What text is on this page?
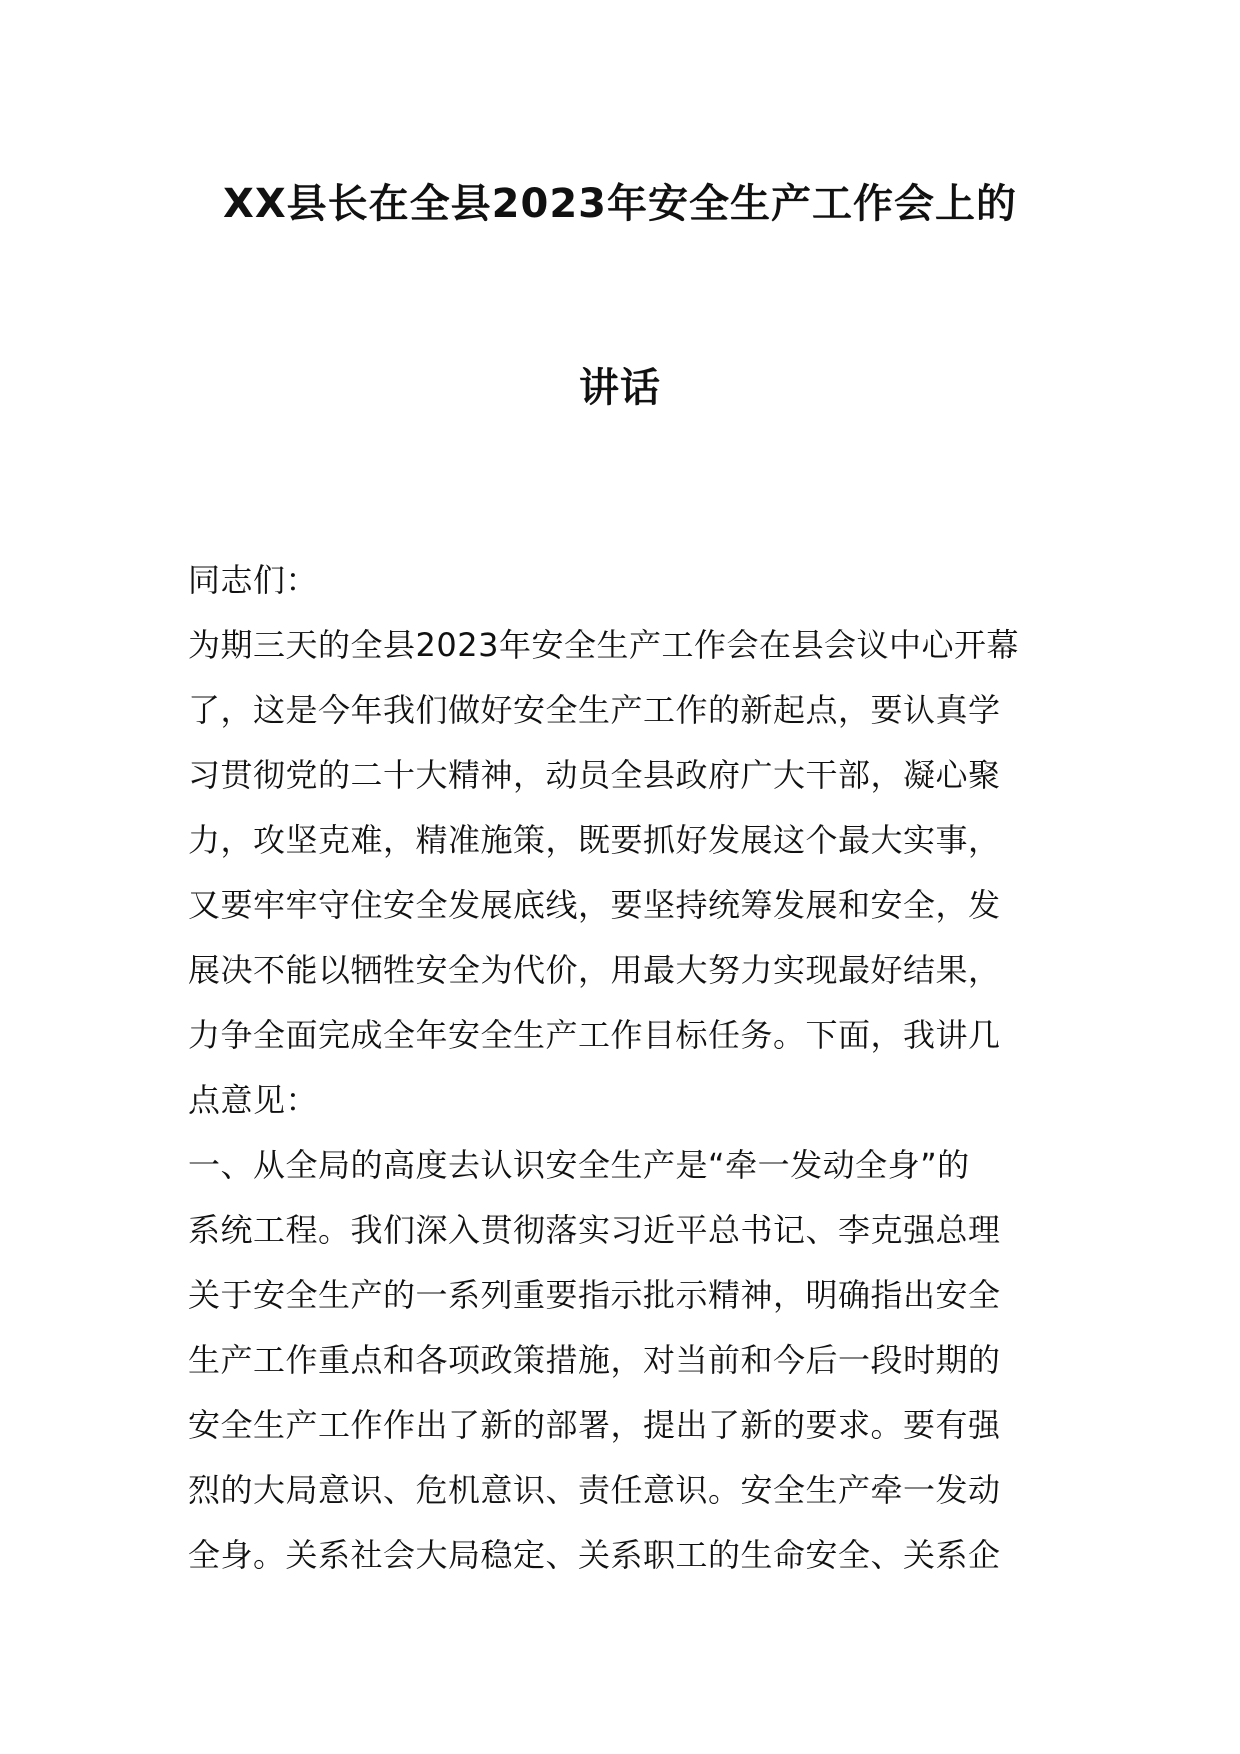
XX县长在全县2023年安全生产工作会上的
讲话
同志们：
为期三天的全县2023年安全生产工作会在县会议中心开幕
了，这是今年我们做好安全生产工作的新起点，要认真学
习贯彻党的二十大精神，动员全县政府广大干部，凝心聚
力，攻坚克难，精准施策，既要抓好发展这个最大实事，
又要牢牢守住安全发展底线，要坚持统筹发展和安全，发
展决不能以牺牲安全为代价，用最大努力实现最好结果，
力争全面完成全年安全生产工作目标任务。下面，我讲几
点意见：
一、从全局的高度去认识安全生产是“牵一发动全身”的
系统工程。我们深入贯彻落实习近平总书记、李克强总理
关于安全生产的一系列重要指示批示精神，明确指出安全
生产工作重点和各项政策措施，对当前和今后一段时期的
安全生产工作作出了新的部署，提出了新的要求。要有强
烈的大局意识、危机意识、责任意识。安全生产牵一发动
全身。关系社会大局稳定、关系职工的生命安全、关系企
